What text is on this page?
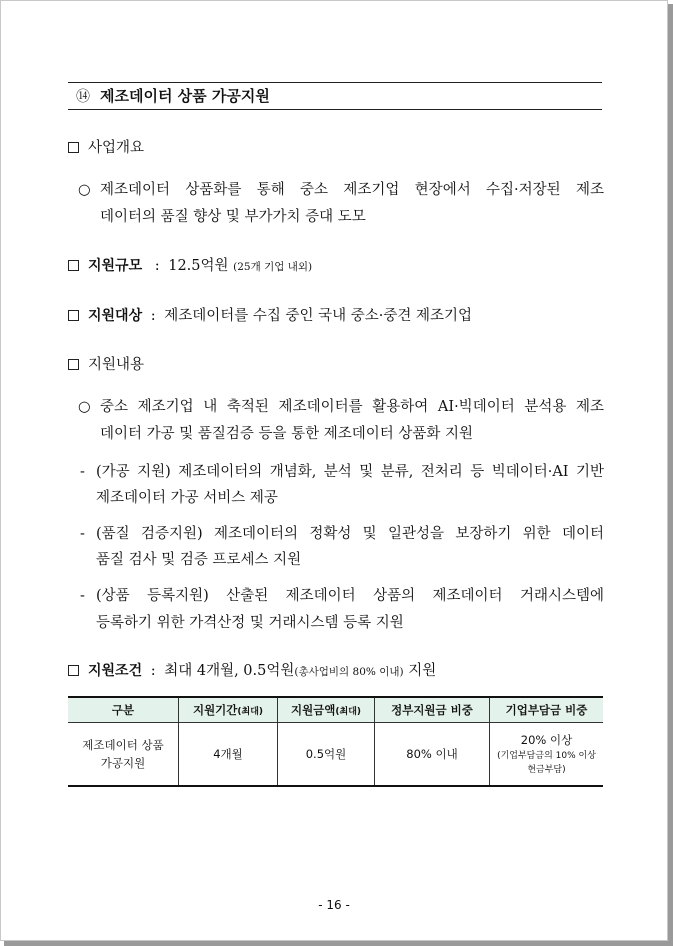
⑭ 제조데이터 상품 가공지원
사업개요
○ 제조데이터 상품화를 통해 중소 제조기업 현장에서 수집·저장된 제조
데이터의 품질 향상 및 부가가치 증대 도모
지원규모 : 12.5억원 (25개 기업 내외)
지원대상 : 제조데이터를 수집 중인 국내 중소·중견 제조기업
지원내용
○ 중소 제조기업 내 축적된 제조데이터를 활용하여 AI·빅데이터 분석용 제조
데이터 가공 및 품질검증 등을 통한 제조데이터 상품화 지원
- (가공 지원) 제조데이터의 개념화, 분석 및 분류, 전처리 등 빅데이터·AI 기반
제조데이터 가공 서비스 제공
- (품질 검증지원) 제조데이터의 정확성 및 일관성을 보장하기 위한 데이터
품질 검사 및 검증 프로세스 지원
- (상품 등록지원) 산출된 제조데이터 상품의 제조데이터 거래시스템에
등록하기 위한 가격산정 및 거래시스템 등록 지원
지원조건 : 최대 4개월, 0.5억원(총사업비의 80% 이내) 지원
구분	지원기간(최대)	지원금액(최대)	정부지원금 비중	기업부담금 비중
제조데이터 상품
가공지원	4개월	0.5억원	80% 이내	20% 이상
(기업부담금의 10% 이상
현금부담)
- 16 -
